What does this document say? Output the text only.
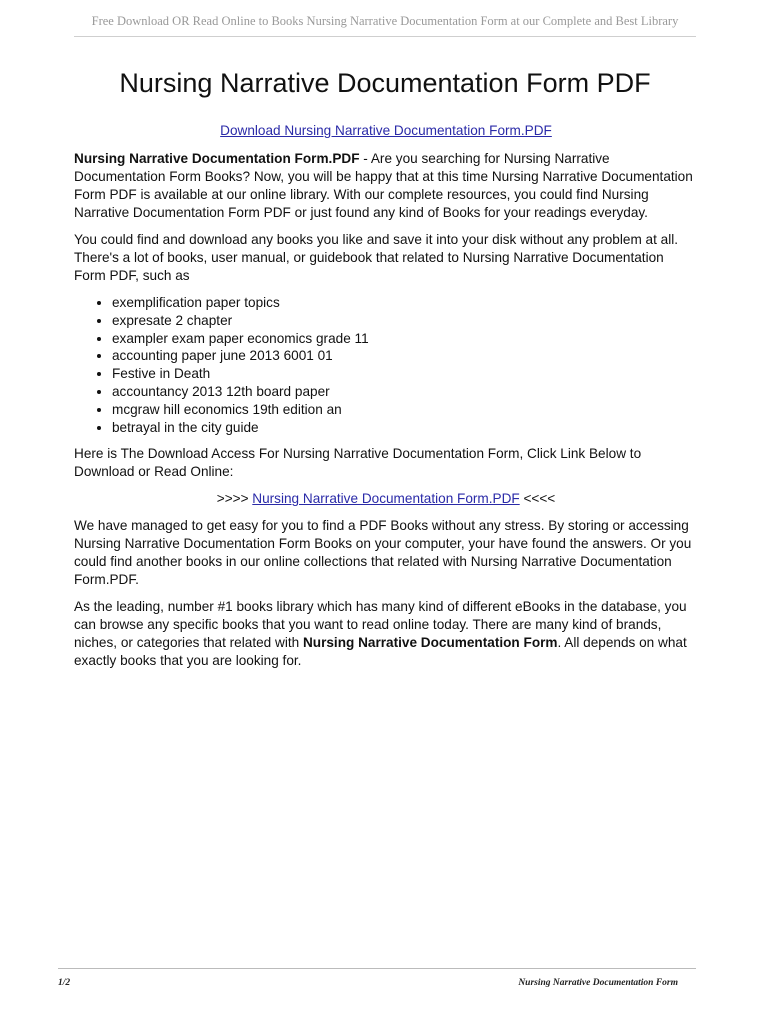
Free Download OR Read Online to Books Nursing Narrative Documentation Form at our Complete and Best Library
Nursing Narrative Documentation Form PDF

Download Nursing Narrative Documentation Form.PDF

Nursing Narrative Documentation Form.PDF - Are you searching for Nursing Narrative Documentation Form Books? Now, you will be happy that at this time Nursing Narrative Documentation Form PDF is available at our online library. With our complete resources, you could find Nursing Narrative Documentation Form PDF or just found any kind of Books for your readings everyday.

You could find and download any books you like and save it into your disk without any problem at all. There's a lot of books, user manual, or guidebook that related to Nursing Narrative Documentation Form PDF, such as

• exemplification paper topics
• expresate 2 chapter
• exampler exam paper economics grade 11
• accounting paper june 2013 6001 01
• Festive in Death
• accountancy 2013 12th board paper
• mcgraw hill economics 19th edition an
• betrayal in the city guide

Here is The Download Access For Nursing Narrative Documentation Form, Click Link Below to Download or Read Online:

>>>> Nursing Narrative Documentation Form.PDF <<<<

We have managed to get easy for you to find a PDF Books without any stress. By storing or accessing Nursing Narrative Documentation Form Books on your computer, your have found the answers. Or you could find another books in our online collections that related with Nursing Narrative Documentation Form.PDF.

As the leading, number #1 books library which has many kind of different eBooks in the database, you can browse any specific books that you want to read online today. There are many kind of brands, niches, or categories that related with Nursing Narrative Documentation Form. All depends on what exactly books that you are looking for.

1/2	Nursing Narrative Documentation Form
